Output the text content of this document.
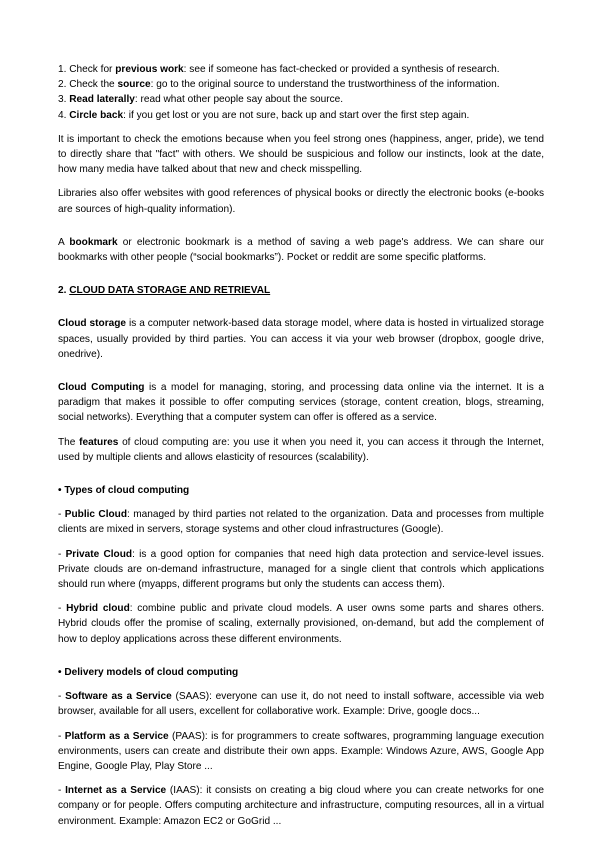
1. Check for previous work: see if someone has fact-checked or provided a synthesis of research.

2. Check the source: go to the original source to understand the trustworthiness of the information.

3. Read laterally: read what other people say about the source.

4. Circle back: if you get lost or you are not sure, back up and start over the first step again.

It is important to check the emotions because when you feel strong ones (happiness, anger, pride), we tend to directly share that "fact" with others. We should be suspicious and follow our instincts, look at the date, how many media have talked about that new and check misspelling.

Libraries also offer websites with good references of physical books or directly the electronic books (e-books are sources of high-quality information).

A bookmark or electronic bookmark is a method of saving a web page's address. We can share our bookmarks with other people (“social bookmarks”). Pocket or reddit are some specific platforms.

2. CLOUD DATA STORAGE AND RETRIEVAL

Cloud storage is a computer network-based data storage model, where data is hosted in virtualized storage spaces, usually provided by third parties. You can access it via your web browser (dropbox, google drive, onedrive).

Cloud Computing is a model for managing, storing, and processing data online via the internet. It is a paradigm that makes it possible to offer computing services (storage, content creation, blogs, streaming, social networks). Everything that a computer system can offer is offered as a service.

The features of cloud computing are: you use it when you need it, you can access it through the Internet, used by multiple clients and allows elasticity of resources (scalability).

• Types of cloud computing

- Public Cloud: managed by third parties not related to the organization. Data and processes from multiple clients are mixed in servers, storage systems and other cloud infrastructures (Google).

- Private Cloud: is a good option for companies that need high data protection and service-level issues. Private clouds are on-demand infrastructure, managed for a single client that controls which applications should run where (myapps, different programs but only the students can access them).

- Hybrid cloud: combine public and private cloud models. A user owns some parts and shares others. Hybrid clouds offer the promise of scaling, externally provisioned, on-demand, but add the complement of how to deploy applications across these different environments.

• Delivery models of cloud computing

- Software as a Service (SAAS): everyone can use it, do not need to install software, accessible via web browser, available for all users, excellent for collaborative work. Example: Drive, google docs...

- Platform as a Service (PAAS): is for programmers to create softwares, programming language execution environments, users can create and distribute their own apps. Example: Windows Azure, AWS, Google App Engine, Google Play, Play Store ...

- Internet as a Service (IAAS): it consists on creating a big cloud where you can create networks for one company or for people. Offers computing architecture and infrastructure, computing resources, all in a virtual environment. Example: Amazon EC2 or GoGrid ...
